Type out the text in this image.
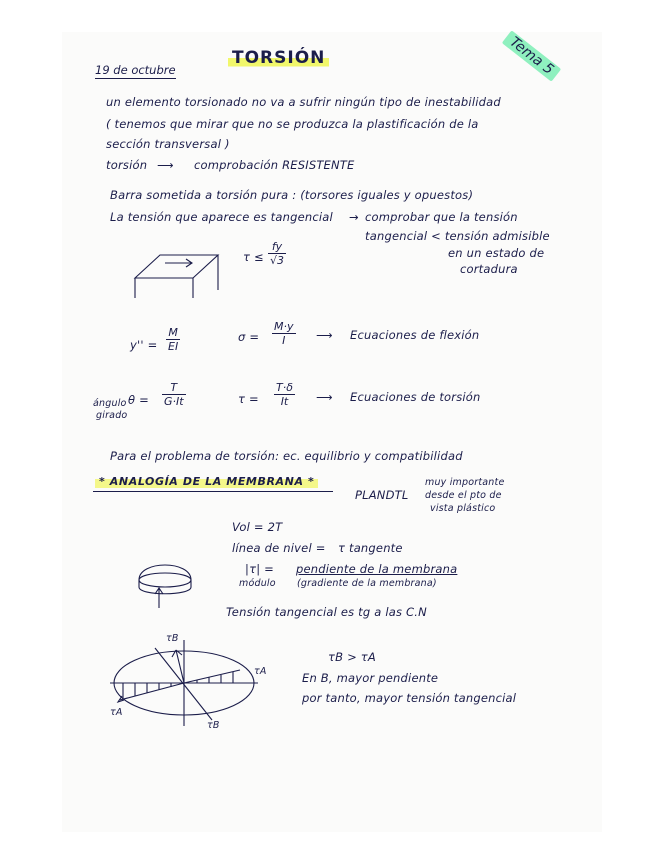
TORSIÓN
19 de octubre	Tema 5
un elemento torsionado no va a sufrir ningún tipo de inestabilidad
( tenemos que mirar que no se produzca la plastificación de la
sección transversal )
torsión ⟶ comprobación RESISTENTE
Barra sometida a torsión pura : (torsores iguales y opuestos)
La tensión que aparece es tangencial → comprobar que la tensión
tangencial < tensión admisible
en un estado de
cortadura
$\tau \le \frac{fy}{√3}$
$y'' = \frac{M}{EI}$	$\sigma = \frac{M\cdot y}{I}$ ⟶ Ecuaciones de flexión
$\theta = \frac{T}{G\cdot It}$
ángulo
girado
$\tau = \frac{T\cdot\delta}{It}$ ⟶ Ecuaciones de torsión
Para el problema de torsión: ec. equilibrio y compatibilidad
* ANALOGÍA DE LA MEMBRANA *
PLANDTL
muy importante
desde el pto de
vista plástico
Vol = 2T
línea de nivel = τ tangente
|τ| = pendiente de la membrana
módulo (gradiente de la membrana)
Tensión tangencial es tg a las C.N
τB
τA
τB
τA
τB > τA
En B, mayor pendiente
por tanto, mayor tensión tangencial
